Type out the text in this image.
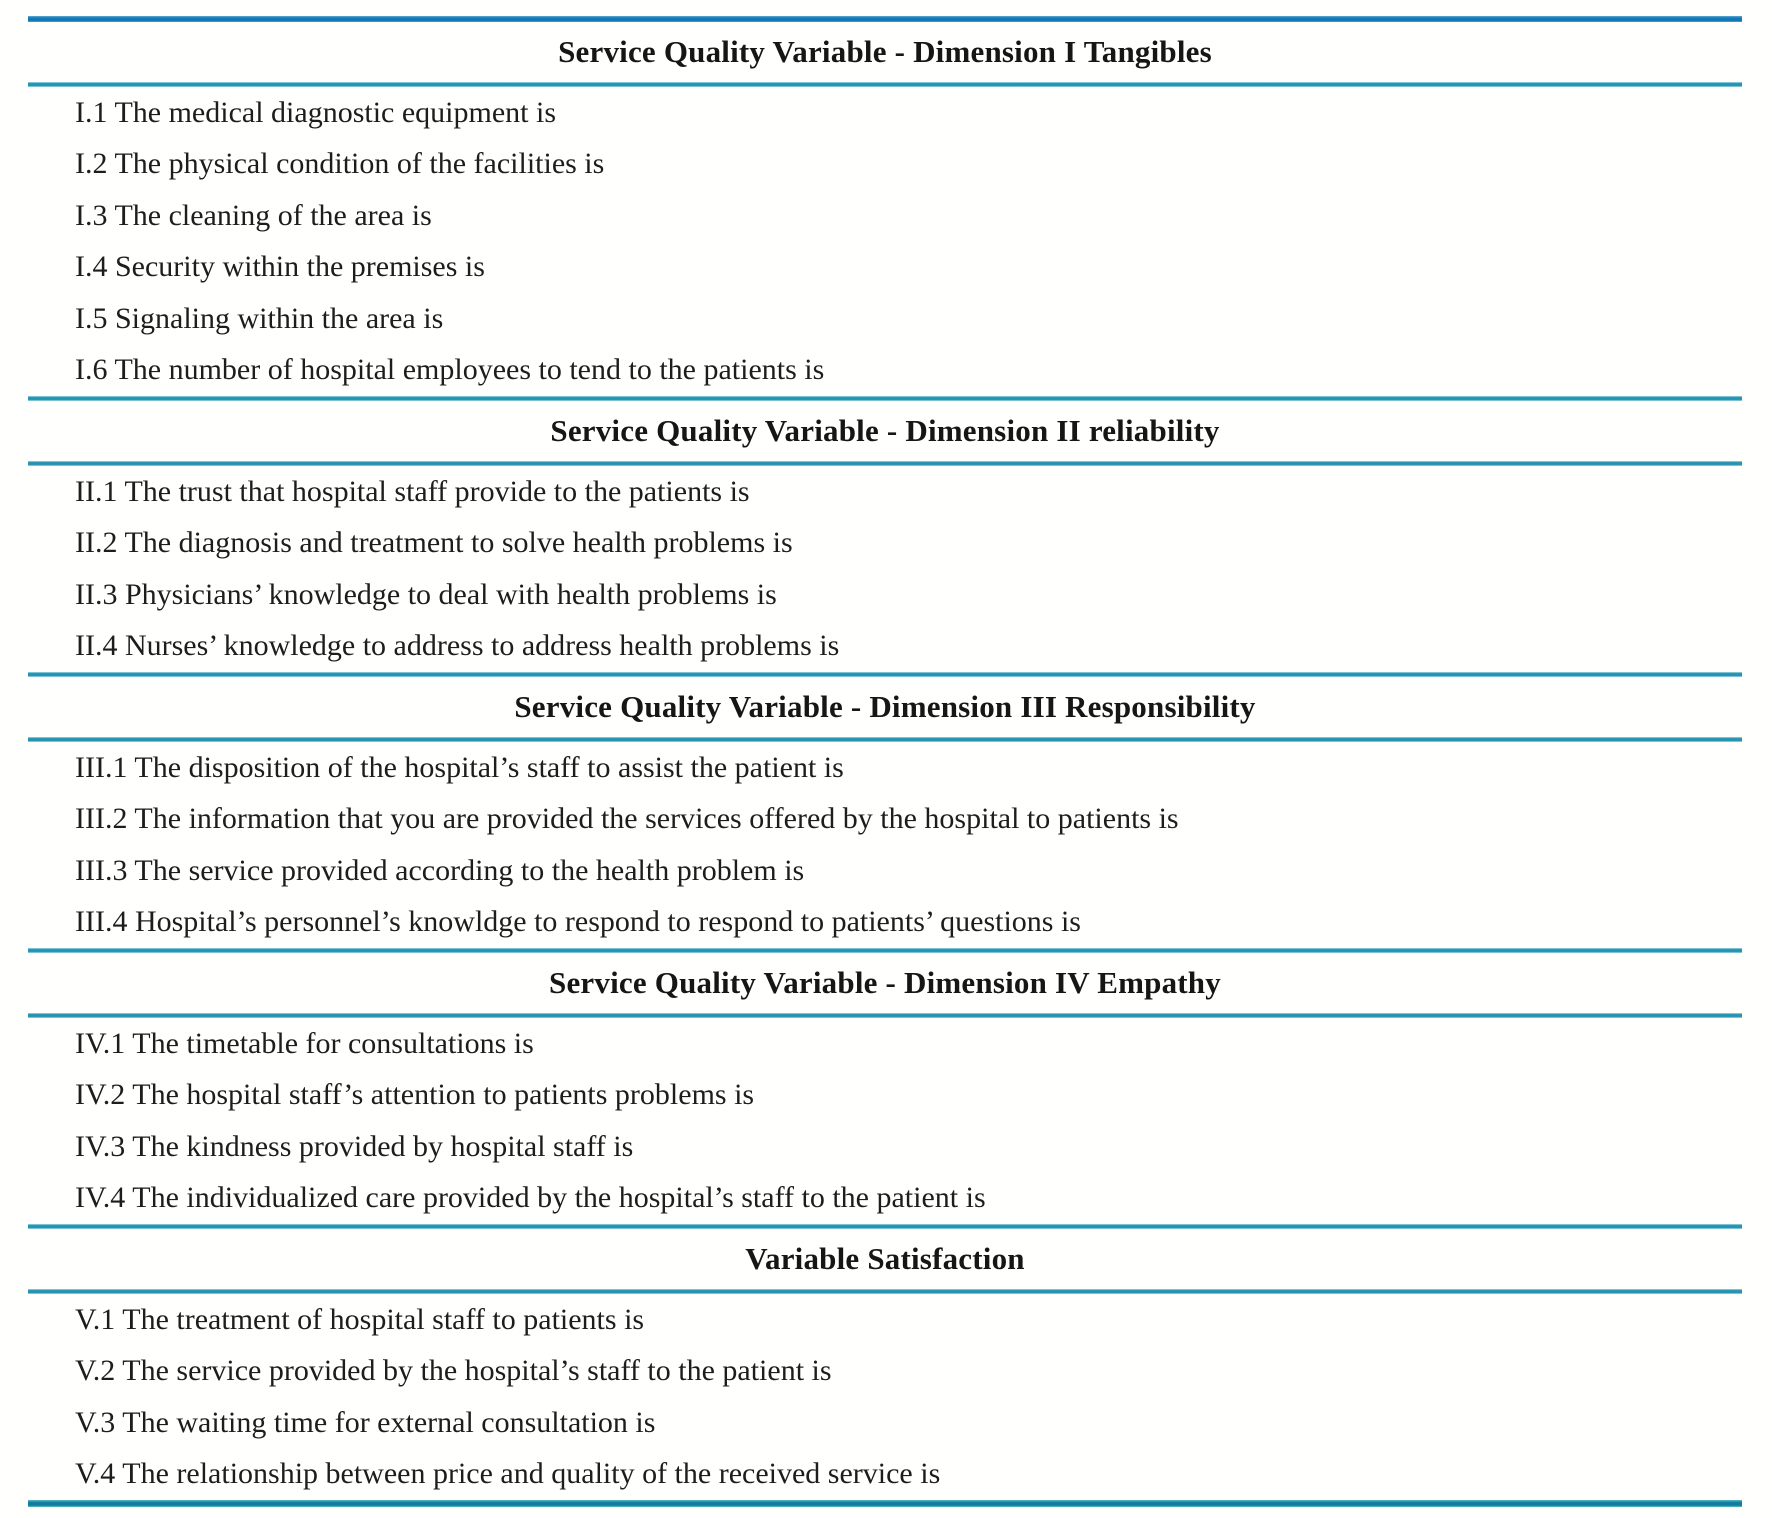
Service Quality Variable - Dimension I Tangibles
I.1 The medical diagnostic equipment is
I.2 The physical condition of the facilities is
I.3 The cleaning of the area is
I.4 Security within the premises is
I.5 Signaling within the area is
I.6 The number of hospital employees to tend to the patients is
Service Quality Variable - Dimension II reliability
II.1 The trust that hospital staff provide to the patients is
II.2 The diagnosis and treatment to solve health problems is
II.3 Physicians’ knowledge to deal with health problems is
II.4 Nurses’ knowledge to address to address health problems is
Service Quality Variable - Dimension III Responsibility
III.1 The disposition of the hospital’s staff to assist the patient is
III.2 The information that you are provided the services offered by the hospital to patients is
III.3 The service provided according to the health problem is
III.4 Hospital’s personnel’s knowldge to respond to respond to patients’ questions is
Service Quality Variable - Dimension IV Empathy
IV.1 The timetable for consultations is
IV.2 The hospital staff’s attention to patients problems is
IV.3 The kindness provided by hospital staff is
IV.4 The individualized care provided by the hospital’s staff to the patient is
Variable Satisfaction
V.1 The treatment of hospital staff to patients is
V.2 The service provided by the hospital’s staff to the patient is
V.3 The waiting time for external consultation is
V.4 The relationship between price and quality of the received service is
